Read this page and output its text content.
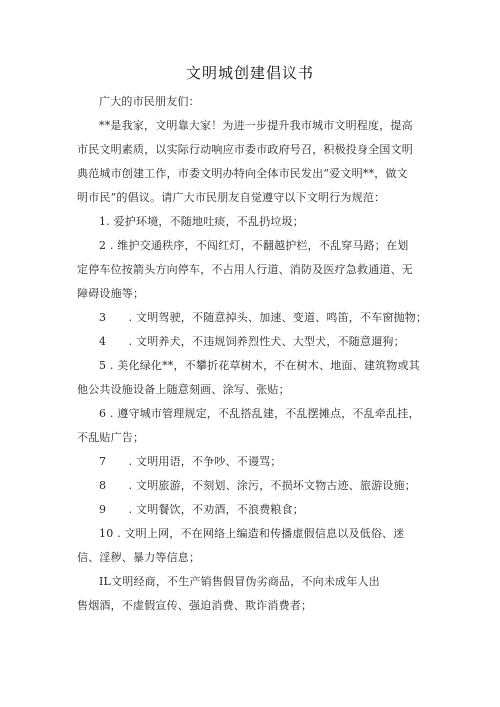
文明城创建倡议书

广大的市民朋友们：

**是我家，文明靠大家！为进一步提升我市城市文明程度，提高
市民文明素质，以实际行动响应市委市政府号召，积极投身全国文明
典范城市创建工作，市委文明办特向全体市民发出“爱文明**，做文
明市民”的倡议。请广大市民朋友自觉遵守以下文明行为规范：

1. 爱护环境，不随地吐痰，不乱扔垃圾；

2 . 维护交通秩序，不闯红灯，不翻越护栏，不乱穿马路；在划
定停车位按箭头方向停车，不占用人行道、消防及医疗急救通道、无
障碍设施等；

3　　. 文明驾驶，不随意掉头、加速、变道、鸣笛，不车窗抛物；

4　　. 文明养犬，不违规饲养烈性犬、大型犬，不随意遛狗；

5 . 美化绿化**，不攀折花草树木，不在树木、地面、建筑物或其
他公共设施设备上随意刻画、涂写、张贴；

6 . 遵守城市管理规定，不乱搭乱建，不乱摆摊点，不乱牵乱挂，
不乱贴广告；

7　　. 文明用语，不争吵、不谩骂；

8　　. 文明旅游，不刻划、涂污，不损坏文物古迹、旅游设施；

9　　. 文明餐饮，不劝酒，不浪费粮食；

10 . 文明上网，不在网络上编造和传播虚假信息以及低俗、迷
信、淫秽、暴力等信息；

IL文明经商，不生产销售假冒伪劣商品，不向未成年人出
售烟酒，不虚假宣传、强迫消费、欺诈消费者；
